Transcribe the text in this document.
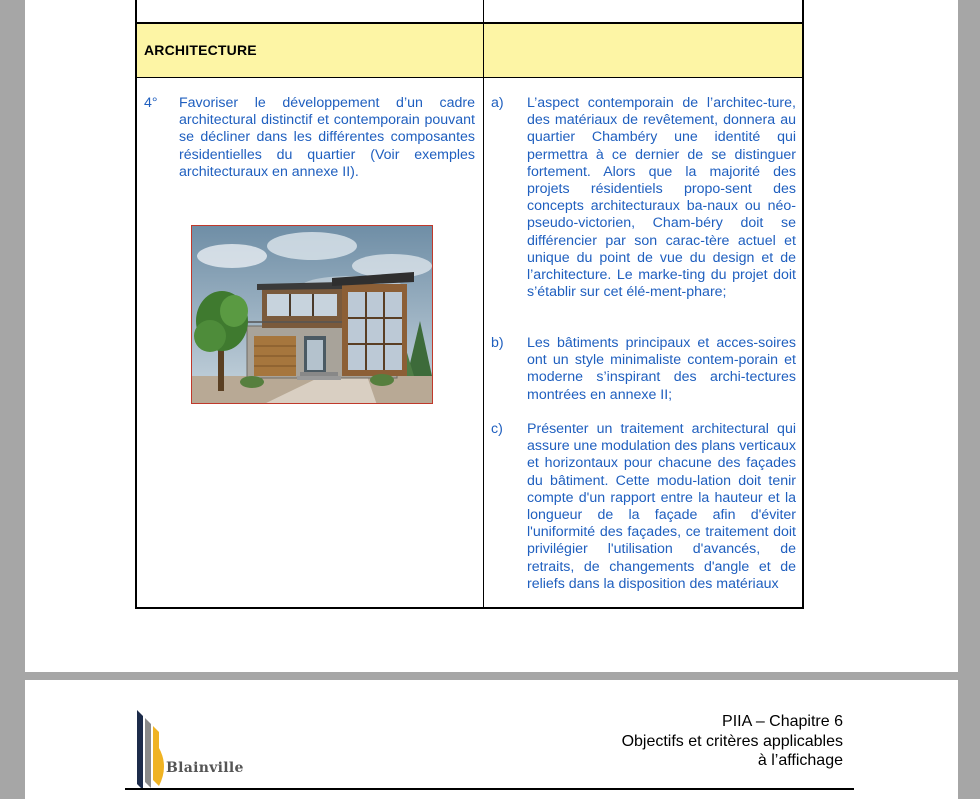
ARCHITECTURE
4° Favoriser le développement d’un cadre architectural distinctif et contemporain pouvant se décliner dans les différentes composantes résidentielles du quartier (Voir exemples architecturaux en annexe II).
a) L’aspect contemporain de l’architec-ture, des matériaux de revêtement, donnera au quartier Chambéry une identité qui permettra à ce dernier de se distinguer fortement. Alors que la majorité des projets résidentiels propo-sent des concepts architecturaux ba-naux ou néo-pseudo-victorien, Cham-béry doit se différencier par son carac-tère actuel et unique du point de vue du design et de l’architecture. Le marke-ting du projet doit s’établir sur cet élé-ment-phare;
b) Les bâtiments principaux et acces-soires ont un style minimaliste contem-porain et moderne s’inspirant des archi-tectures montrées en annexe II;
c) Présenter un traitement architectural qui assure une modulation des plans verticaux et horizontaux pour chacune des façades du bâtiment. Cette modu-lation doit tenir compte d'un rapport entre la hauteur et la longueur de la façade afin d'éviter l'uniformité des façades, ce traitement doit privilégier l'utilisation d'avancés, de retraits, de changements d'angle et de reliefs dans la disposition des matériaux
Blainville
PIIA – Chapitre 6
Objectifs et critères applicables
à l’affichage
